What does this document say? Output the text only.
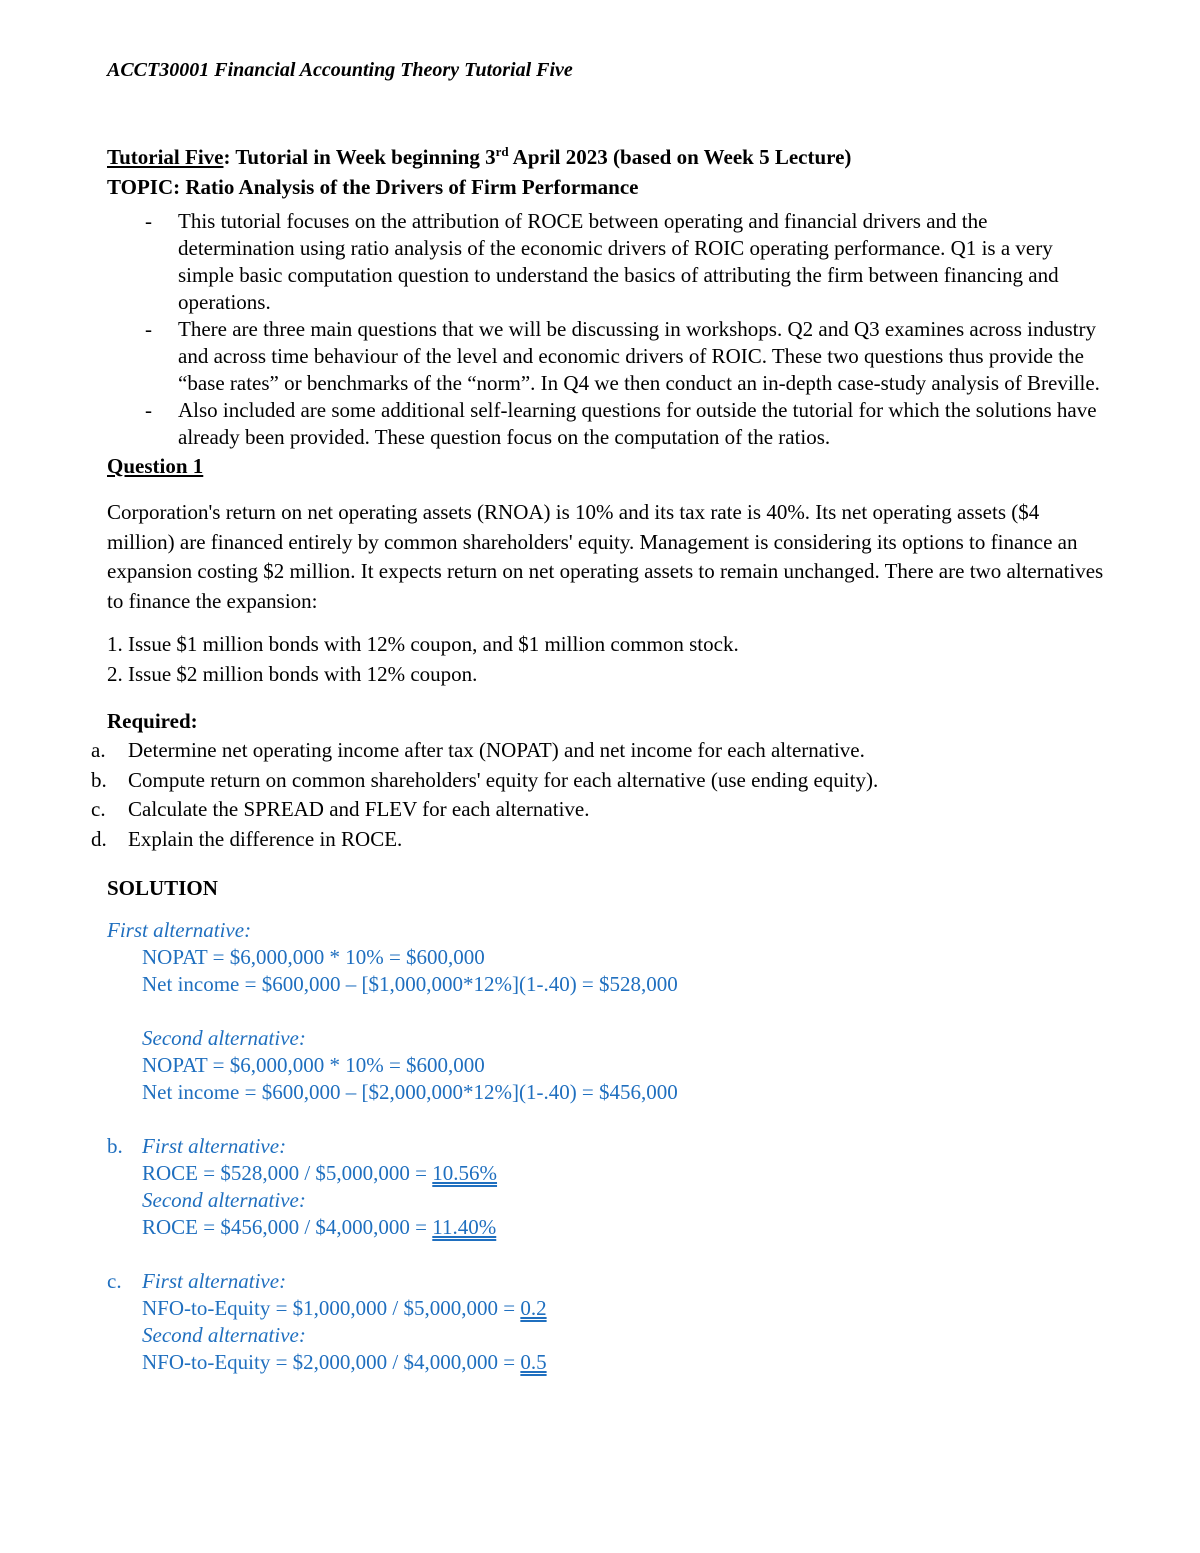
ACCT30001 Financial Accounting Theory Tutorial Five

Tutorial Five: Tutorial in Week beginning 3rd April 2023 (based on Week 5 Lecture)

TOPIC: Ratio Analysis of the Drivers of Firm Performance

- This tutorial focuses on the attribution of ROCE between operating and financial drivers and the determination using ratio analysis of the economic drivers of ROIC operating performance. Q1 is a very simple basic computation question to understand the basics of attributing the firm between financing and operations.
- There are three main questions that we will be discussing in workshops. Q2 and Q3 examines across industry and across time behaviour of the level and economic drivers of ROIC. These two questions thus provide the “base rates” or benchmarks of the “norm”. In Q4 we then conduct an in-depth case-study analysis of Breville.
- Also included are some additional self-learning questions for outside the tutorial for which the solutions have already been provided. These question focus on the computation of the ratios.

Question 1

Corporation's return on net operating assets (RNOA) is 10% and its tax rate is 40%. Its net operating assets ($4 million) are financed entirely by common shareholders' equity. Management is considering its options to finance an expansion costing $2 million. It expects return on net operating assets to remain unchanged. There are two alternatives to finance the expansion:

1. Issue $1 million bonds with 12% coupon, and $1 million common stock.
2. Issue $2 million bonds with 12% coupon.
Required:
a. Determine net operating income after tax (NOPAT) and net income for each alternative.
b. Compute return on common shareholders' equity for each alternative (use ending equity).
c. Calculate the SPREAD and FLEV for each alternative.
d. Explain the difference in ROCE.
SOLUTION
First alternative:
NOPAT = $6,000,000 * 10% = $600,000
Net income = $600,000 – [$1,000,000*12%](1-.40) = $528,000
Second alternative:
NOPAT = $6,000,000 * 10% = $600,000
Net income = $600,000 – [$2,000,000*12%](1-.40) = $456,000
b. First alternative:
ROCE = $528,000 / $5,000,000 = 10.56%
Second alternative:
ROCE = $456,000 / $4,000,000 = 11.40%
c. First alternative:
NFO-to-Equity = $1,000,000 / $5,000,000 = 0.2
Second alternative:
NFO-to-Equity = $2,000,000 / $4,000,000 = 0.5
